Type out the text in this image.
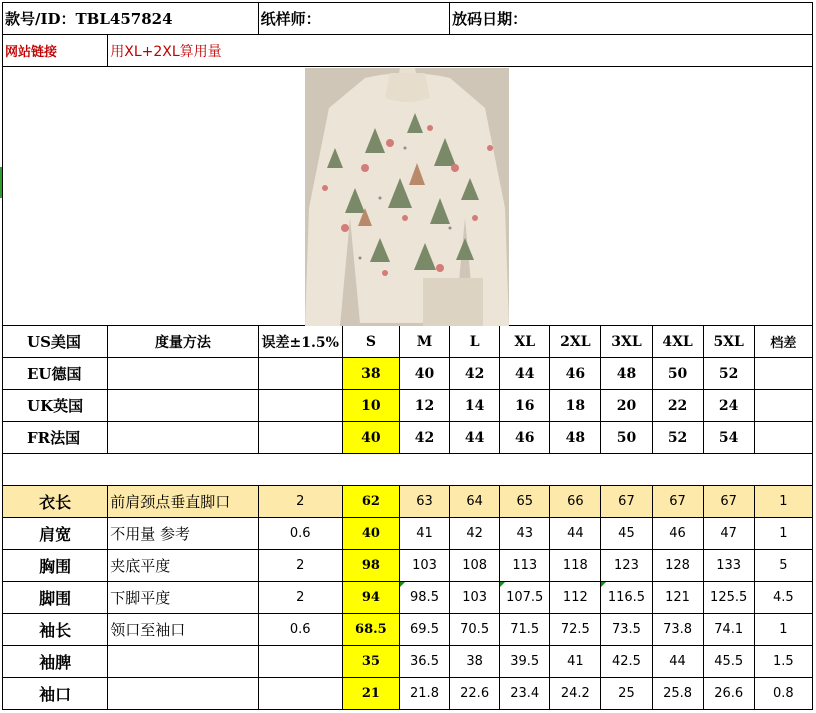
款号/ID：TBL457824		纸样师：			放码日期：						
网站链接	用XL+2XL算用量										

US美国	度量方法	误差±1.5%	S	M	L	XL	2XL	3XL	4XL	5XL	档差
EU德国			38	40	42	44	46	48	50	52	
UK英国			10	12	14	16	18	20	22	24	
FR法国			40	42	44	46	48	50	52	54	

衣长	前肩颈点垂直脚口	2	62	63	64	65	66	67	67	67	1
肩宽	不用量 参考	0.6	40	41	42	43	44	45	46	47	1
胸围	夹底平度	2	98	103	108	113	118	123	128	133	5
脚围	下脚平度	2	94	98.5	103	107.5	112	116.5	121	125.5	4.5
袖长	领口至袖口	0.6	68.5	69.5	70.5	71.5	72.5	73.5	73.8	74.1	1
袖脾			35	36.5	38	39.5	41	42.5	44	45.5	1.5
袖口			21	21.8	22.6	23.4	24.2	25	25.8	26.6	0.8
